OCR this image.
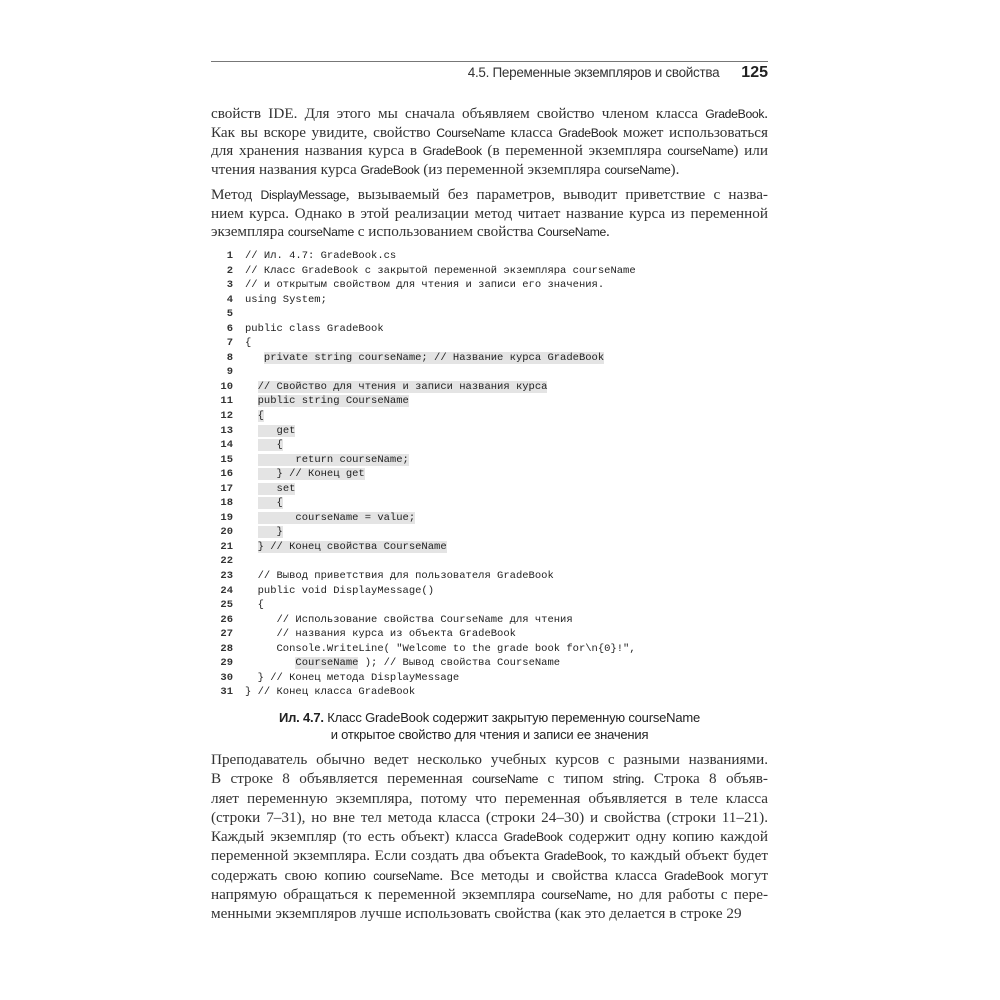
4.5. Переменные экземпляров и свойства 125
свойств IDE. Для этого мы сначала объявляем свойство членом класса GradeBook.
Как вы вскоре увидите, свойство CourseName класса GradeBook может использоваться
для хранения названия курса в GradeBook (в переменной экземпляра courseName) или
чтения названия курса GradeBook (из переменной экземпляра courseName).
Метод DisplayMessage, вызываемый без параметров, выводит приветствие с назва-
нием курса. Однако в этой реализации метод читает название курса из переменной
экземпляра courseName с использованием свойства CourseName.
1 // Ил. 4.7: GradeBook.cs
2 // Класс GradeBook с закрытой переменной экземпляра courseName
3 // и открытым свойством для чтения и записи его значения.
4 using System;
5
6 public class GradeBook
7 {
8	private string courseName; // Название курса GradeBook
9
10 // Свойство для чтения и записи названия курса
11 public string CourseName
12 {
13     get
14     {
15        return courseName;
16     } // Конец get
17     set
18     {
19        courseName = value;
20     }
21 } // Конец свойства CourseName
22
23  // Вывод приветствия для пользователя GradeBook
24  public void DisplayMessage()
25  {
26     // Использование свойства CourseName для чтения
27     // названия курса из объекта GradeBook
28     Console.WriteLine( "Welcome to the grade book for\n{0}!",
29	CourseName ); // Вывод свойства CourseName
30  } // Конец метода DisplayMessage
31 } // Конец класса GradeBook
Ил. 4.7. Класс GradeBook содержит закрытую переменную courseName
и открытое свойство для чтения и записи ее значения
Преподаватель обычно ведет несколько учебных курсов с разными названиями.
В строке 8 объявляется переменная courseName с типом string. Строка 8 объяв-
ляет переменную экземпляра, потому что переменная объявляется в теле класса
(строки 7–31), но вне тел метода класса (строки 24–30) и свойства (строки 11–21).
Каждый экземпляр (то есть объект) класса GradeBook содержит одну копию каждой
переменной экземпляра. Если создать два объекта GradeBook, то каждый объект будет
содержать свою копию courseName. Все методы и свойства класса GradeBook могут
напрямую обращаться к переменной экземпляра courseName, но для работы с пере-
менными экземпляров лучше использовать свойства (как это делается в строке 29
